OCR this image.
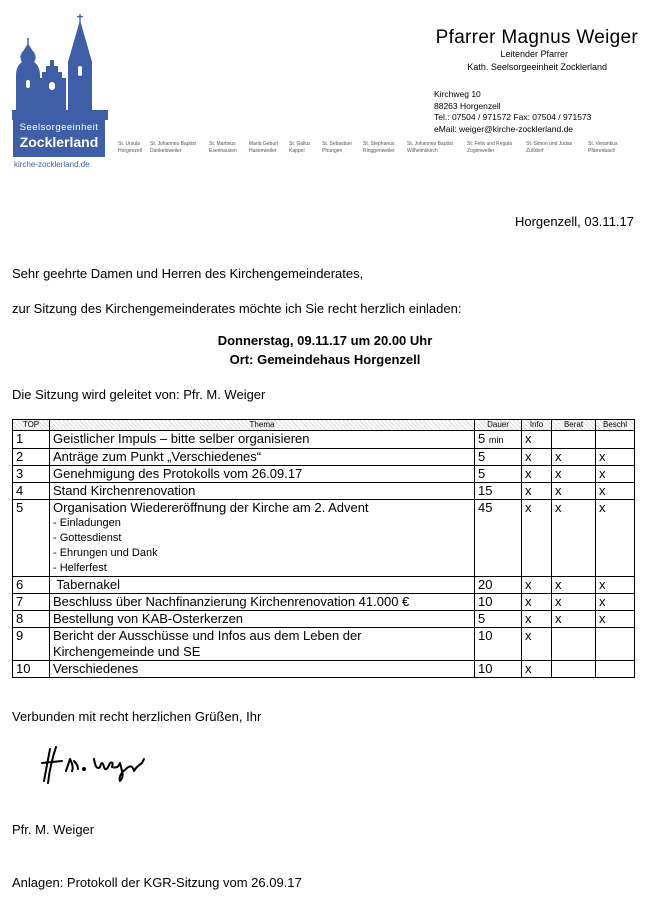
Seelsorgeeinheit
Zocklerland
kirche-zocklerland.de
St. Ursula
Horgenzell
St. Johannes Baptist
Danketsweiler
St. Martinus
Esenhausen
Mariä Geburt
Hasenweiler
St. Gallus
Kappel
St. Sebastian
Pfrungen
St. Stephanus
Ringgenweiler
St. Johannes Baptist
Wilhelmskirch
St. Felix und Regula
Zogenweiler
St. Simon und Judas
Zußdorf
St. Venantius
Pfärrenbach
Pfarrer Magnus Weiger
Leitender Pfarrer
Kath. Seelsorgeeinheit Zocklerland
Kirchweg 10
88263 Horgenzell
Tel.: 07504 / 971572 Fax: 07504 / 971573
eMail: weiger@kirche-zocklerland.de
Horgenzell, 03.11.17
Sehr geehrte Damen und Herren des Kirchengemeinderates,
zur Sitzung des Kirchengemeinderates möchte ich Sie recht herzlich einladen:
Donnerstag, 09.11.17 um 20.00 Uhr
Ort: Gemeindehaus Horgenzell
Die Sitzung wird geleitet von: Pfr. M. Weiger
TOP	Thema	Dauer	Info	Berat	Beschl
1	Geistlicher Impuls – bitte selber organisieren	5 min	x		
2	Anträge zum Punkt „Verschiedenes“	5	x	x	x
3	Genehmigung des Protokolls vom 26.09.17	5	x	x	x
4	Stand Kirchenrenovation	15	x	x	x
5	Organisation Wiedereröffnung der Kirche am 2. Advent
- Einladungen
- Gottesdienst
- Ehrungen und Dank
- Helferfest	45	x	x	x
6	Tabernakel	20	x	x	x
7	Beschluss über Nachfinanzierung Kirchenrenovation 41.000 €	10	x	x	x
8	Bestellung von KAB-Osterkerzen	5	x	x	x
9	Bericht der Ausschüsse und Infos aus dem Leben der
Kirchengemeinde und SE	10	x		
10	Verschiedenes	10	x		
Verbunden mit recht herzlichen Grüßen, Ihr
Pfr. M. Weiger
Anlagen: Protokoll der KGR-Sitzung vom 26.09.17
